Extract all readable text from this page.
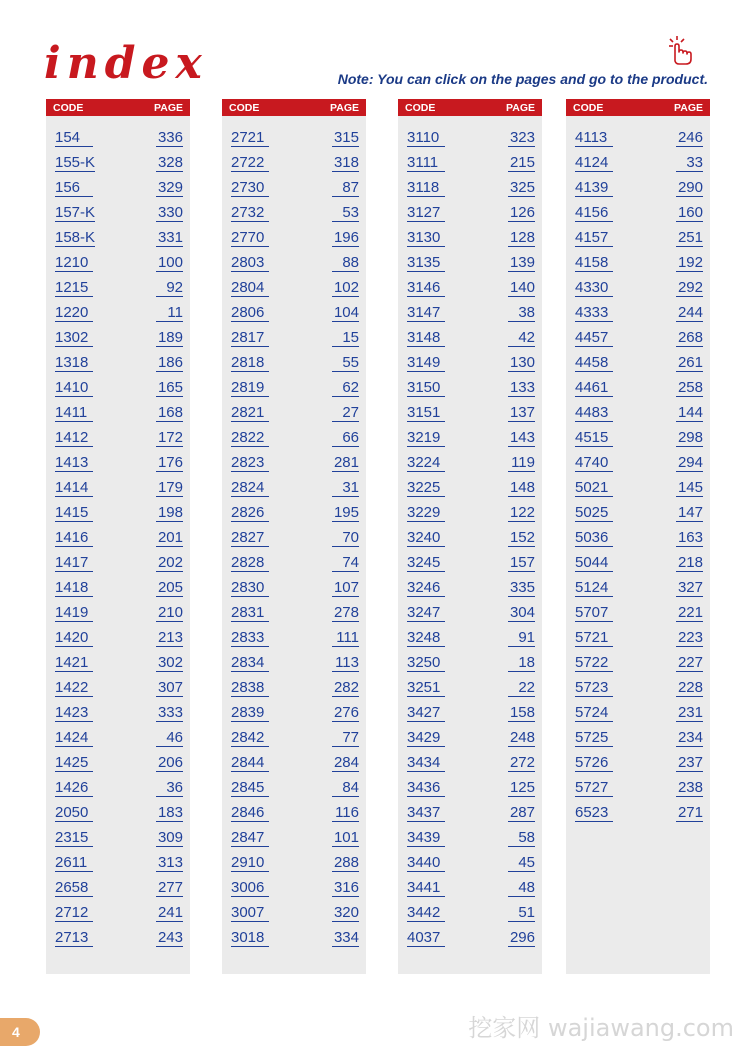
index	Note: You can click on the pages and go to the product.
CODE	PAGE
154	336
155-K	328
156	329
157-K	330
158-K	331
1210	100
1215	92
1220	11
1302	189
1318	186
1410	165
1411	168
1412	172
1413	176
1414	179
1415	198
1416	201
1417	202
1418	205
1419	210
1420	213
1421	302
1422	307
1423	333
1424	46
1425	206
1426	36
2050	183
2315	309
2611	313
2658	277
2712	241
2713	243
CODE	PAGE
2721	315
2722	318
2730	87
2732	53
2770	196
2803	88
2804	102
2806	104
2817	15
2818	55
2819	62
2821	27
2822	66
2823	281
2824	31
2826	195
2827	70
2828	74
2830	107
2831	278
2833	111
2834	113
2838	282
2839	276
2842	77
2844	284
2845	84
2846	116
2847	101
2910	288
3006	316
3007	320
3018	334
CODE	PAGE
3110	323
3111	215
3118	325
3127	126
3130	128
3135	139
3146	140
3147	38
3148	42
3149	130
3150	133
3151	137
3219	143
3224	119
3225	148
3229	122
3240	152
3245	157
3246	335
3247	304
3248	91
3250	18
3251	22
3427	158
3429	248
3434	272
3436	125
3437	287
3439	58
3440	45
3441	48
3442	51
4037	296
CODE	PAGE
4113	246
4124	33
4139	290
4156	160
4157	251
4158	192
4330	292
4333	244
4457	268
4458	261
4461	258
4483	144
4515	298
4740	294
5021	145
5025	147
5036	163
5044	218
5124	327
5707	221
5721	223
5722	227
5723	228
5724	231
5725	234
5726	237
5727	238
6523	271
4	挖家网 wajiawang.com
